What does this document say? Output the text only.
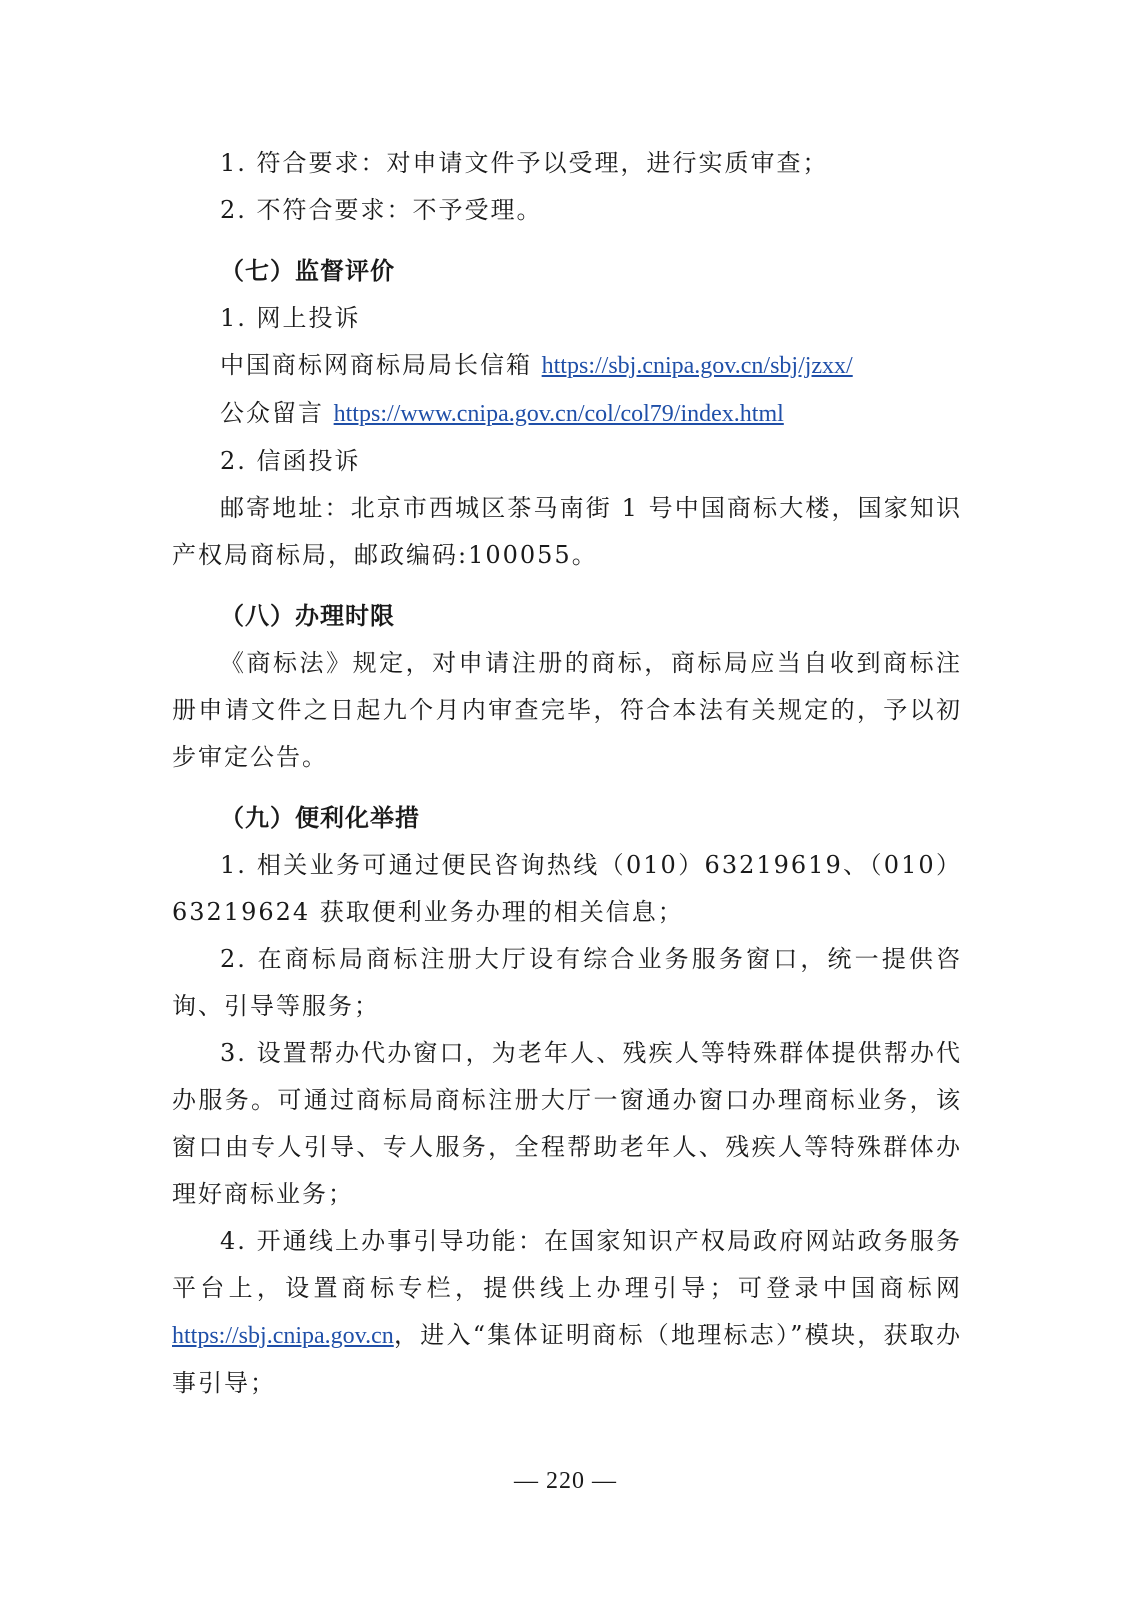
1. 符合要求：对申请文件予以受理，进行实质审查；

2. 不符合要求：不予受理。

（七）监督评价

1. 网上投诉

中国商标网商标局局长信箱 https://sbj.cnipa.gov.cn/sbj/jzxx/

公众留言 https://www.cnipa.gov.cn/col/col79/index.html

2. 信函投诉

邮寄地址：北京市西城区茶马南街 1 号中国商标大楼，国家知识产权局商标局，邮政编码:100055。

（八）办理时限

《商标法》规定，对申请注册的商标，商标局应当自收到商标注册申请文件之日起九个月内审查完毕，符合本法有关规定的，予以初步审定公告。

（九）便利化举措

1. 相关业务可通过便民咨询热线（010）63219619、（010）63219624 获取便利业务办理的相关信息；

2. 在商标局商标注册大厅设有综合业务服务窗口，统一提供咨询、引导等服务；

3. 设置帮办代办窗口，为老年人、残疾人等特殊群体提供帮办代办服务。可通过商标局商标注册大厅一窗通办窗口办理商标业务，该窗口由专人引导、专人服务，全程帮助老年人、残疾人等特殊群体办理好商标业务；

4. 开通线上办事引导功能：在国家知识产权局政府网站政务服务平台上，设置商标专栏，提供线上办理引导；可登录中国商标网 https://sbj.cnipa.gov.cn，进入“集体证明商标（地理标志）”模块，获取办事引导；

— 220 —
